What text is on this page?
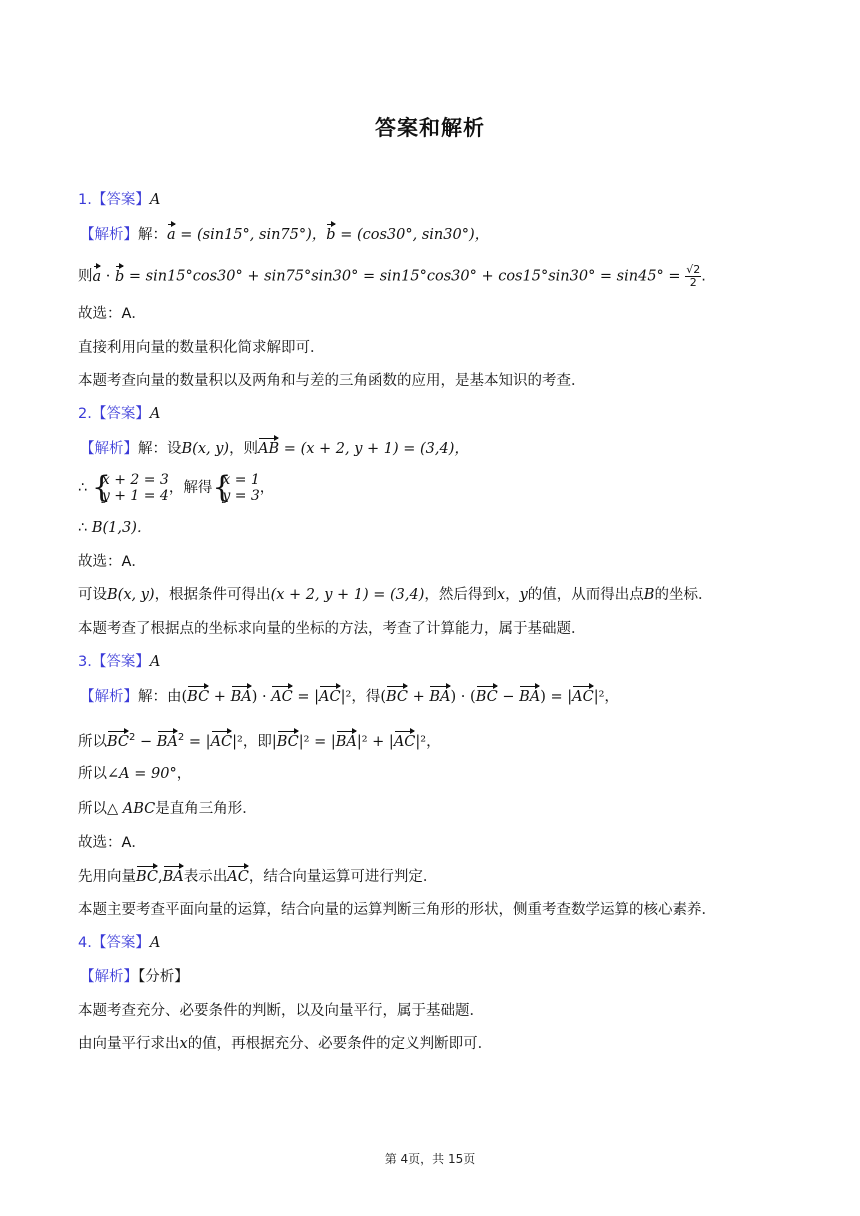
答案和解析
1.【答案】A
【解析】解：a = (sin15°, sin75°)，b = (cos30°, sin30°)，
则$a \cdot b = \sin 15^\circ\cos 30^\circ + \sin 75^\circ\sin 30^\circ = \sin 15^\circ\cos 30^\circ + \cos 15^\circ\sin 30^\circ = \sin 45^\circ = \frac{√2}{2}$ .
故选：A．
直接利用向量的数量积化简求解即可．
本题考查向量的数量积以及两角和与差的三角函数的应用，是基本知识的考查．
2.【答案】A
【解析】解：设B(x, y)，则AB = (x + 2, y + 1) = (3,4)，
∴ {
x + 2 = 3
y + 1 = 4 ，解得 {
x = 1
y = 3 ，
∴ B(1,3)．
故选：A．
可设B(x, y)，根据条件可得出(x + 2, y + 1) = (3,4)，然后得到x，y的值，从而得出点B的坐标．
本题考查了根据点的坐标求向量的坐标的方法，考查了计算能力，属于基础题．
3.【答案】A
【解析】解：由(BC + BA) · AC = |AC|²，得(BC + BA) · (BC − BA) = |AC|²，
所以$BC^2 - BA^2 = |AC|^2$，即|BC|² = |BA|² + |AC|²，
所以∠A = 90°，
所以△ ABC是直角三角形．
故选：A．
先用向量BC,BA表示出AC，结合向量运算可进行判定．
本题主要考查平面向量的运算，结合向量的运算判断三角形的形状，侧重考查数学运算的核心素养．
4.【答案】A
【解析】【分析】
本题考查充分、必要条件的判断，以及向量平行，属于基础题．
由向量平行求出x的值，再根据充分、必要条件的定义判断即可．
第 4页，共 15页
